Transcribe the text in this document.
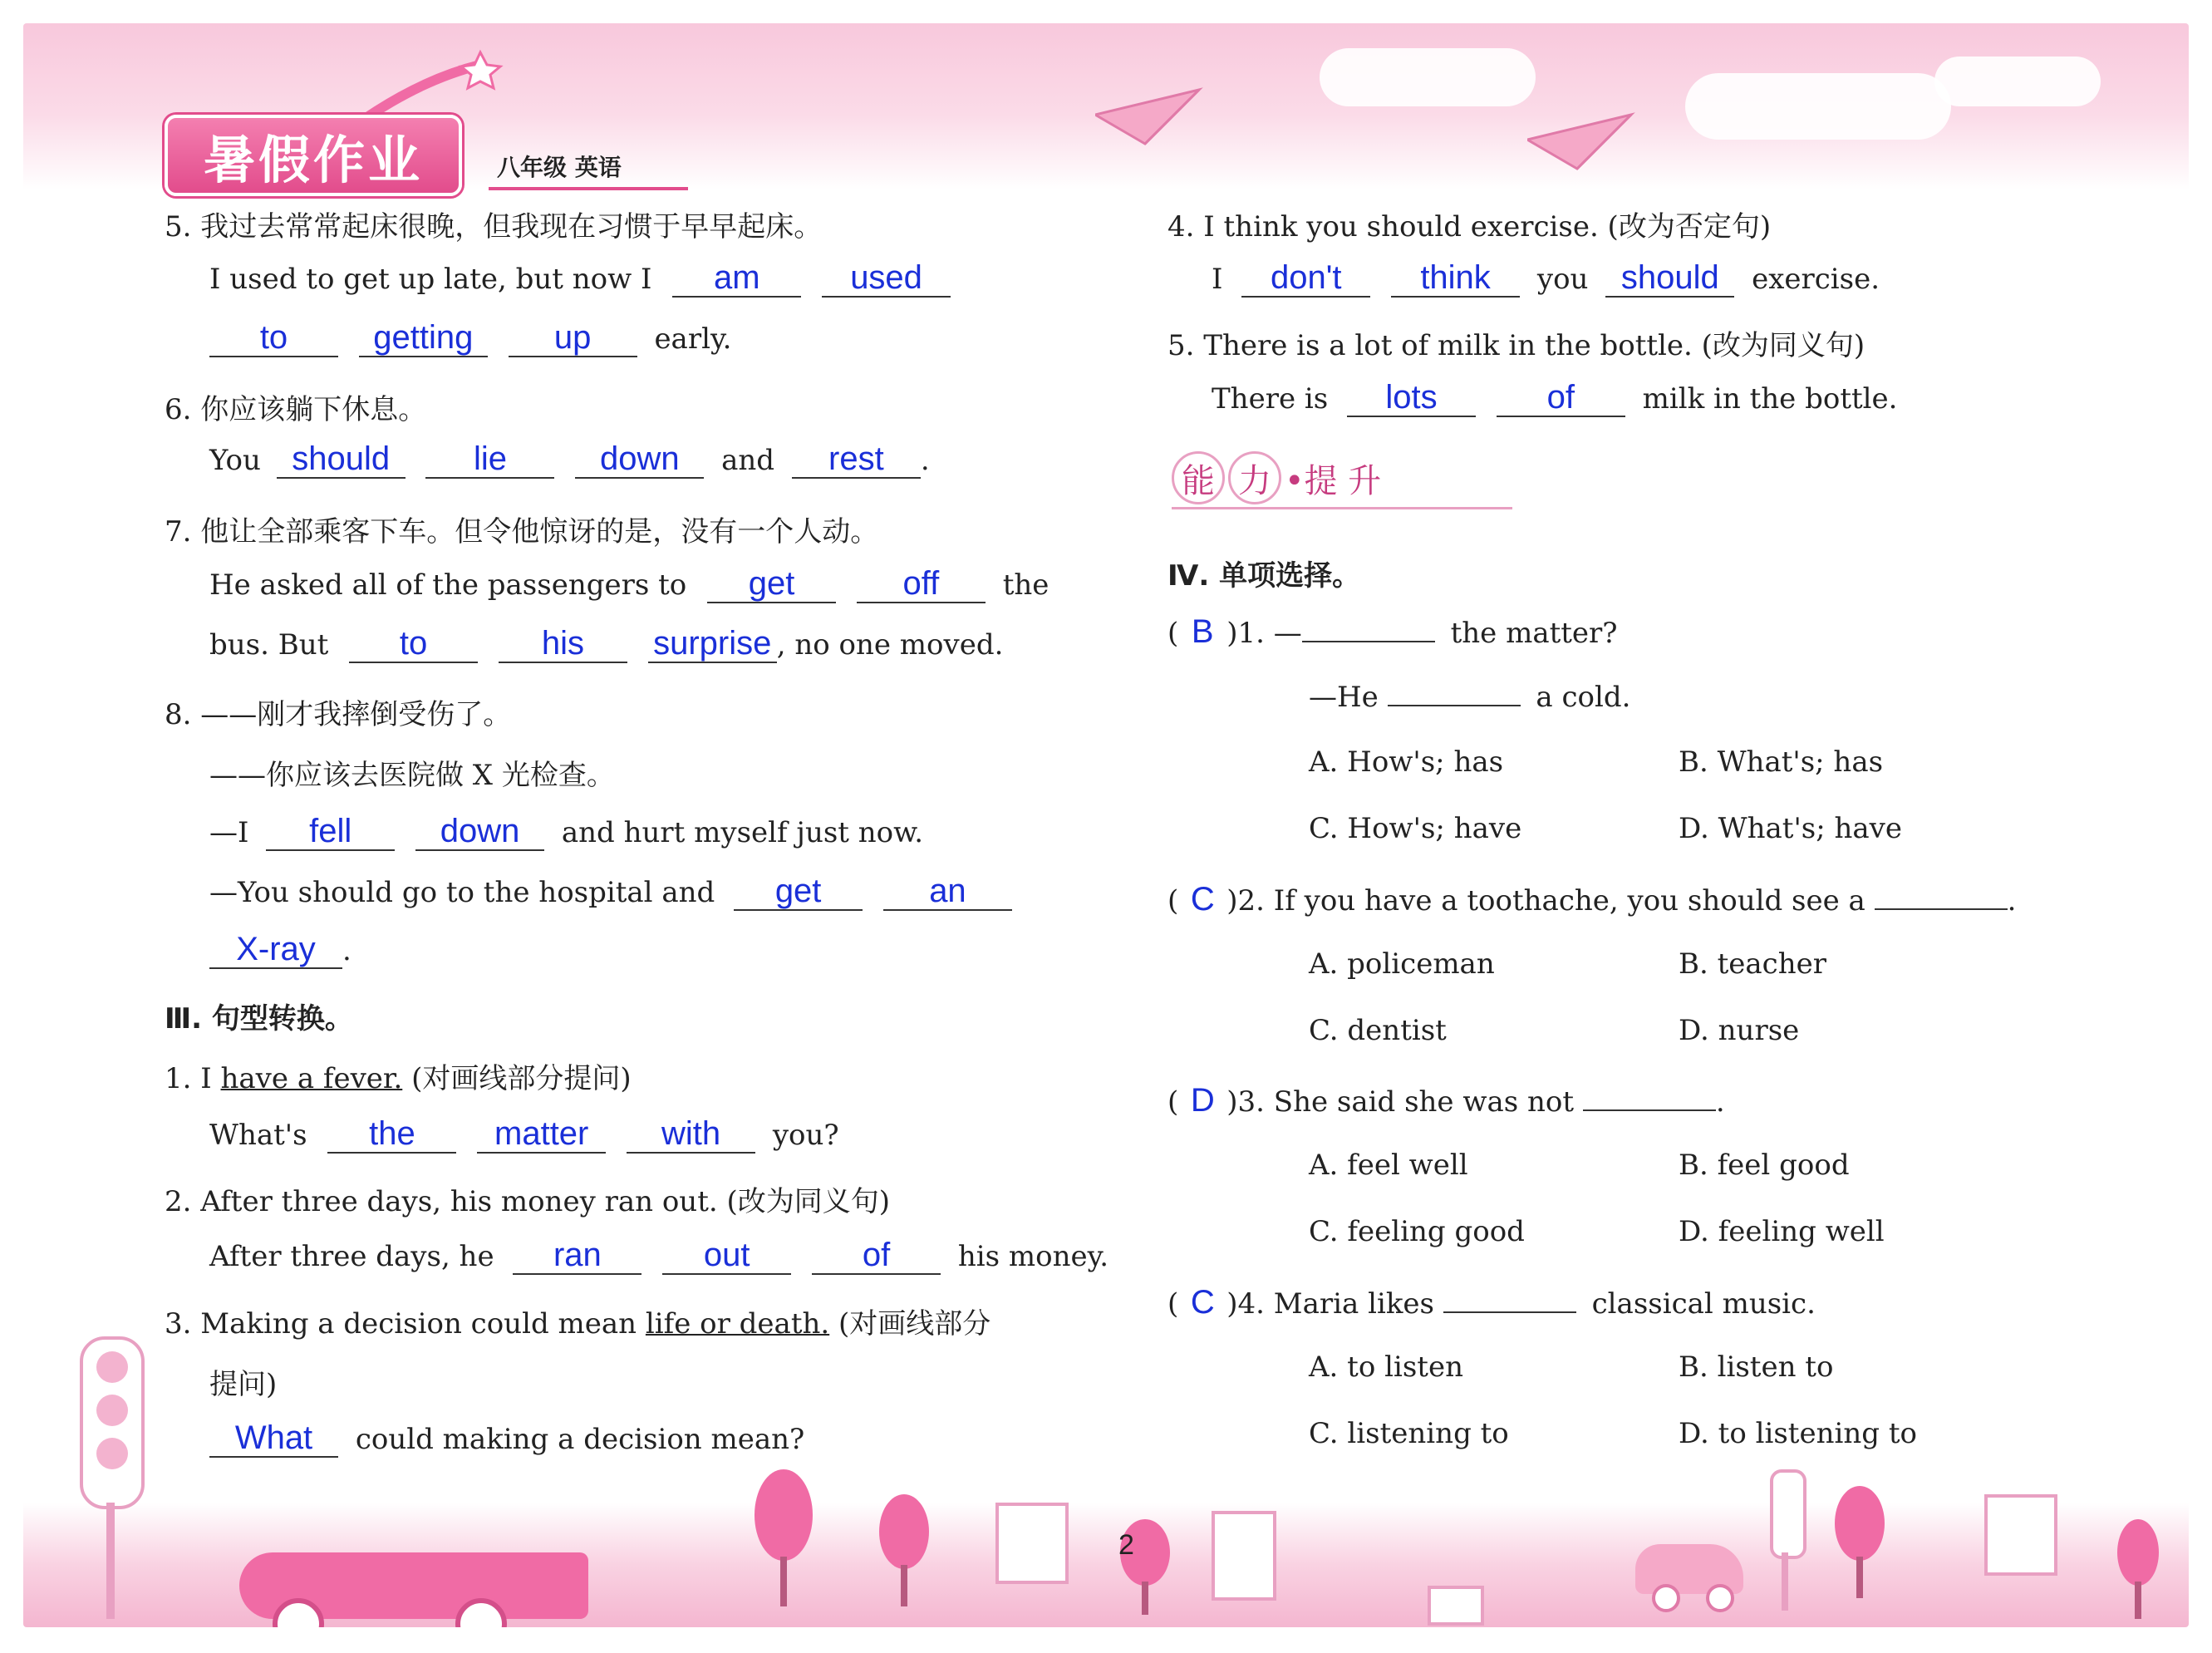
暑假作业	八年级 英语
2
5. 我过去常常起床很晚，但我现在习惯于早早起床。
I used to get up late, but now I am	used
to	getting up early.
6. 你应该躺下休息。
You should	lie	down and rest .
7. 他让全部乘客下车。但令他惊讶的是，没有一个人动。
He asked all of the passengers to get	off the
bus. But to	his surprise , no one moved.
8. ——刚才我摔倒受伤了。
——你应该去医院做 X 光检查。
—I fell	down and hurt myself just now.
—You should go to the hospital and get	an
X-ray .
Ⅲ. 句型转换。
1. I have a fever. (对画线部分提问)
What's the matter with you?
2. After three days, his money ran out. (改为同义句)
After three days, he ran	out	of his money.
3. Making a decision could mean life or death. (对画线部分
提问)
What could making a decision mean?
4. I think you should exercise. (改为否定句)
I don't think you should exercise.
5. There is a lot of milk in the bottle. (改为同义句)
There is lots	of milk in the bottle.
能 力 •提 升
Ⅳ. 单项选择。
( B )1. —	the matter?
—He	a cold.
A. How's; has	B. What's; has
C. How's; have	D. What's; have
( C )2. If you have a toothache, you should see a	.
A. policeman	B. teacher
C. dentist	D. nurse
( D )3. She said she was not	.
A. feel well	B. feel good
C. feeling good	D. feeling well
( C )4. Maria likes	classical music.
A. to listen	B. listen to
C. listening to	D. to listening to
